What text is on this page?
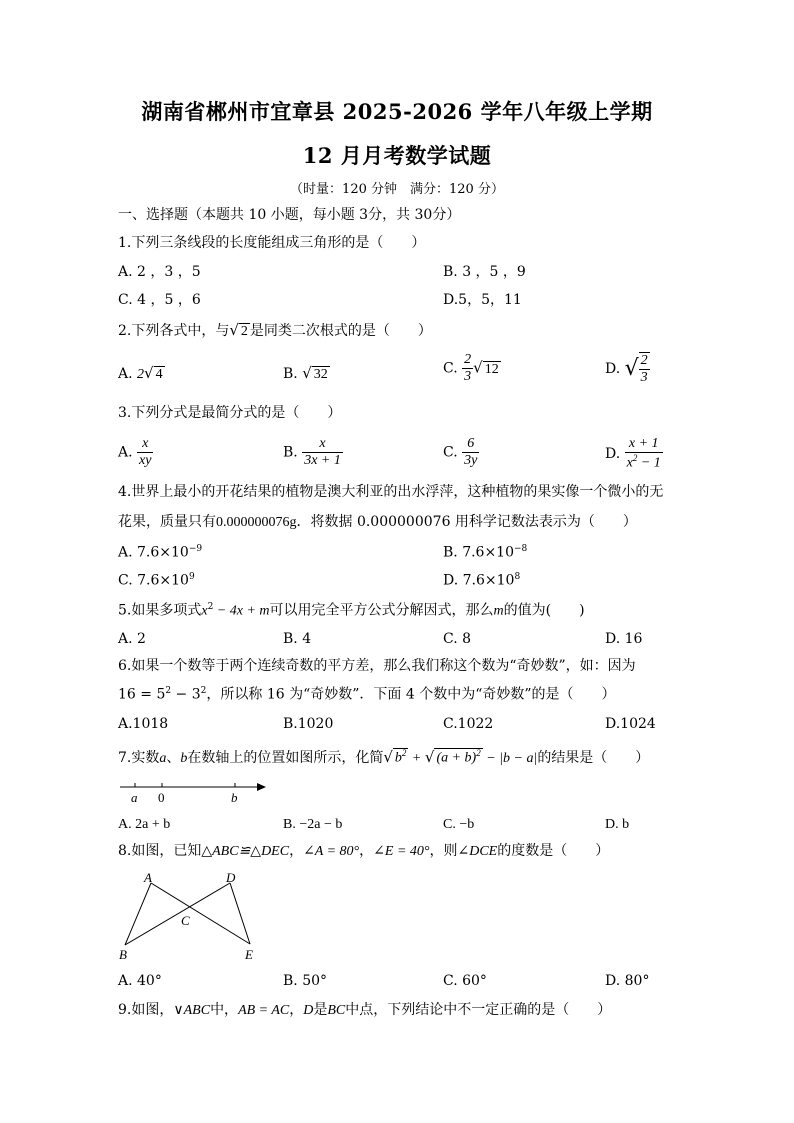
湖南省郴州市宜章县 2025-2026 学年八年级上学期
12 月月考数学试题
（时量：120 分钟　满分：120 分）
一、选择题（本题共 10 小题，每小题 3分，共 30分）
1.下列三条线段的长度能组成三角形的是（　　）
A. 2 ，3 ，5	B. 3 ，5 ，9
C. 4 ，5 ，6	D.5，5，11
2.下列各式中，与√ 2 是同类二次根式的是（　　）
A. 2√ 4	B. √ 32	C. $\frac{2}{3}$ √ 12	D. √ $\frac{2}{3}$
3.下列分式是最简分式的是（　　）
A. $\frac{x}{xy}$	B. $\frac{x}{3x + 1}$	C. $\frac{6}{3y}$	D. $\frac{x + 1}{x^2 - 1}$
4.世界上最小的开花结果的植物是澳大利亚的出水浮萍，这种植物的果实像一个微小的无
花果，质量只有0.000000076g．将数据 0.000000076 用科学记数法表示为（　　）
A. $7.6\times 10^{-9}$	B. $7.6\times 10^{-8}$
C. $7.6\times 10^9$	D. $7.6\times 10^8$
5.如果多项式$x^2 - 4x + m$可以用完全平方公式分解因式，那么m的值为(　　)
A. 2	B. 4	C. 8	D. 16
6.如果一个数等于两个连续奇数的平方差，那么我们称这个数为“奇妙数”，如：因为
$16 = 5^2 - 3^2$，所以称 16 为“奇妙数”．下面 4 个数中为“奇妙数”的是（　　）
A.1018	B.1020	C.1022	D.1024
7.实数a、b在数轴上的位置如图所示，化简√ $b^2$ + √ $(a + b)^2 - |b - a|$的结果是（　　）
a 0	b
A. 2a + b	B. −2a − b	C. −b	D. b
8.如图，已知△ABC≌△DEC，∠A = 80°，∠E = 40°，则∠DCE的度数是（　　）
A	D
C
B	E
A. 40°	B. 50°	C. 60°	D. 80°
9.如图，∨ABC中，AB = AC，D是BC中点，下列结论中不一定正确的是（　　）
